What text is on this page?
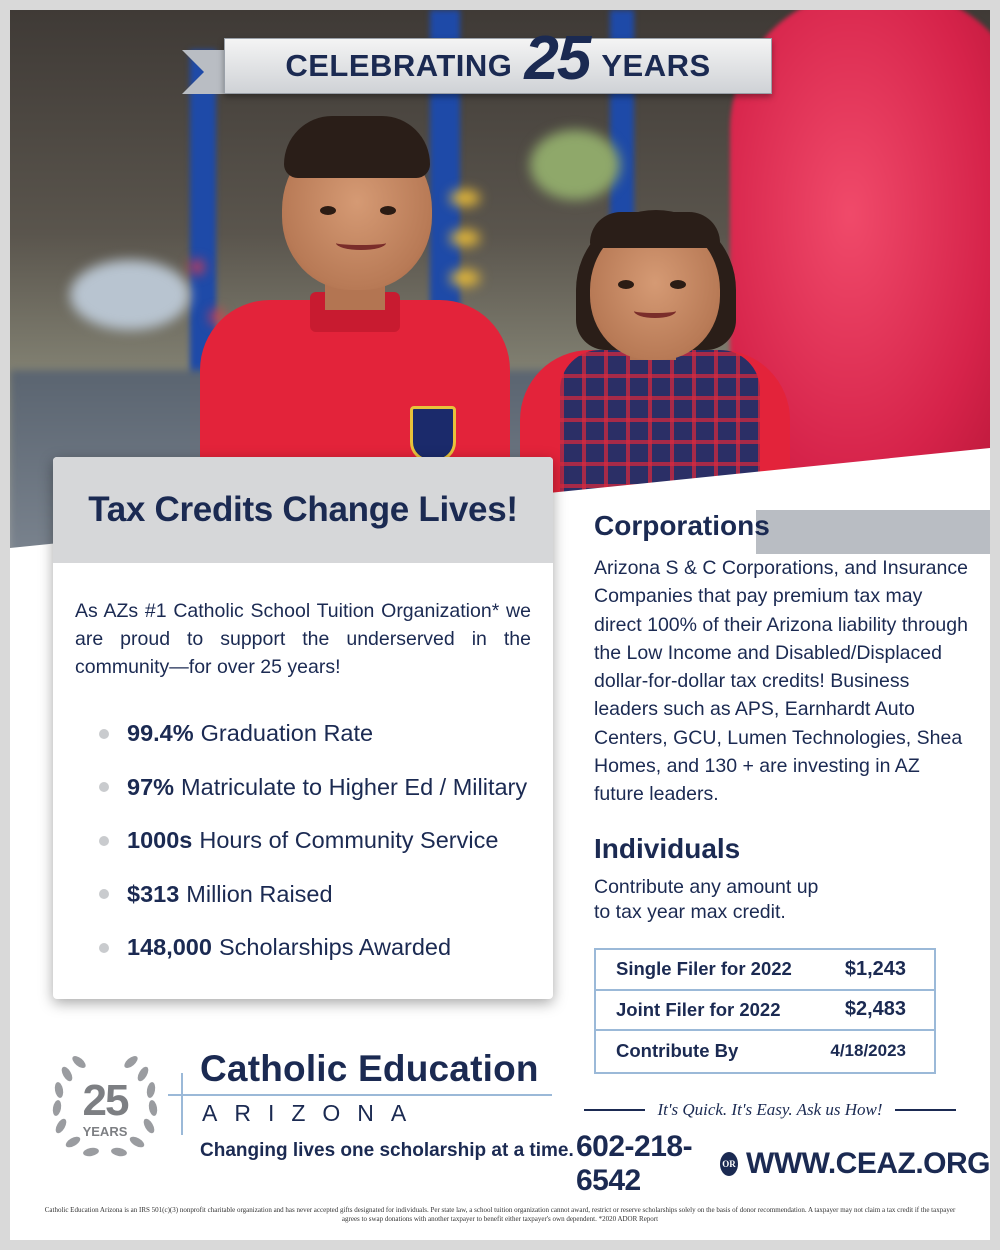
CELEBRATING 25 YEARS
Tax Credits Change Lives!

As AZs #1 Catholic School Tuition Organization* we are proud to support the underserved in the community—for over 25 years!

99.4% Graduation Rate
97% Matriculate to Higher Ed / Military
1000s Hours of Community Service
$313 Million Raised
148,000 Scholarships Awarded
Corporations

Arizona S & C Corporations, and Insurance Companies that pay premium tax may direct 100% of their Arizona liability through the Low Income and Disabled/Displaced dollar-for-dollar tax credits! Business leaders such as APS, Earnhardt Auto Centers, GCU, Lumen Technologies, Shea Homes, and 130 + are investing in AZ future leaders.

Individuals

Contribute any amount up to tax year max credit.

Single Filer for 2022	$1,243
Joint Filer for 2022	$2,483
Contribute By	4/18/2023
25
YEARS
Catholic Education
ARIZONA
Changing lives one scholarship at a time.
It's Quick. It's Easy. Ask us How!
602-218-6542	OR WWW.CEAZ.ORG

Catholic Education Arizona is an IRS 501(c)(3) nonprofit charitable organization and has never accepted gifts designated for individuals. Per state law, a school tuition organization cannot award, restrict or reserve scholarships solely on the basis of donor recommendation. A taxpayer may not claim a tax credit if the taxpayer agrees to swap donations with another taxpayer to benefit either taxpayer's own dependent. *2020 ADOR Report
